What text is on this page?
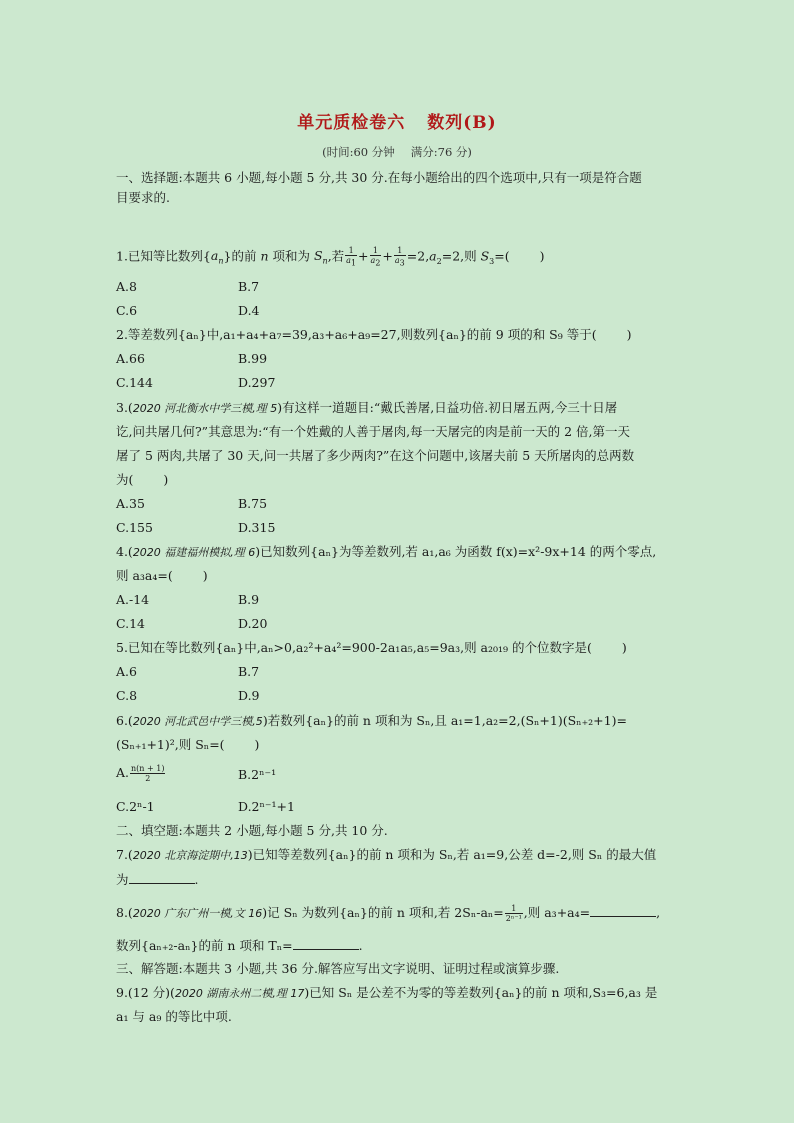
单元质检卷六 数列(B)
(时间:60 分钟 满分:76 分)
一、选择题:本题共 6 小题,每小题 5 分,共 30 分.在每小题给出的四个选项中,只有一项是符合题
目要求的.
1.已知等比数列$\{a_n\}$的前 n 项和为 $S_n$,若 $\frac{1}{a_1} + \frac{1}{a_2} + \frac{1}{a_3} =2,a_2=2$,则 $S_3=$( )
A.8	B.7
C.6	D.4
2.等差数列{aₙ}中,a₁+a₄+a₇=39,a₃+a₆+a₉=27,则数列{aₙ}的前 9 项的和 S₉ 等于( )
A.66	B.99
C.144	D.297
3.(2020 河北衡水中学三模,理 5)有这样一道题目:“戴氏善屠,日益功倍.初日屠五两,今三十日屠
讫,问共屠几何?”其意思为:“有一个姓戴的人善于屠肉,每一天屠完的肉是前一天的 2 倍,第一天
屠了 5 两肉,共屠了 30 天,问一共屠了多少两肉?”在这个问题中,该屠夫前 5 天所屠肉的总两数
为( )
A.35	B.75
C.155	D.315
4.(2020 福建福州模拟,理 6)已知数列{aₙ}为等差数列,若 a₁,a₆ 为函数 f(x)=x²-9x+14 的两个零点,
则 a₃a₄=( )
A.-14	B.9
C.14	D.20
5.已知在等比数列{aₙ}中,aₙ>0,a₂²+a₄²=900-2a₁a₅,a₅=9a₃,则 a₂₀₁₉ 的个位数字是( )
A.6	B.7
C.8	D.9
6.(2020 河北武邑中学三模,5)若数列{aₙ}的前 n 项和为 Sₙ,且 a₁=1,a₂=2,(Sₙ+1)(Sₙ₊₂+1)=
(Sₙ₊₁+1)²,则 Sₙ=( )
A. $\frac{n(n + 1)}{2}$	B.2ⁿ⁻¹
C.2ⁿ-1	D.2ⁿ⁻¹+1
二、填空题:本题共 2 小题,每小题 5 分,共 10 分.
7.(2020 北京海淀期中,13)已知等差数列{aₙ}的前 n 项和为 Sₙ,若 a₁=9,公差 d=-2,则 Sₙ 的最大值
为	.
8.(2020 广东广州一模,文 16)记 Sₙ 为数列{aₙ}的前 n 项和,若 $2S_n-a_n= \frac{1}{\text{2ⁿ⁻¹}}$ ,则 a₃+a₄=	,
数列{aₙ₊₂-aₙ}的前 n 项和 Tₙ=	.
三、解答题:本题共 3 小题,共 36 分.解答应写出文字说明、证明过程或演算步骤.
9.(12 分)(2020 湖南永州二模,理 17)已知 Sₙ 是公差不为零的等差数列{aₙ}的前 n 项和,S₃=6,a₃ 是
a₁ 与 a₉ 的等比中项.
